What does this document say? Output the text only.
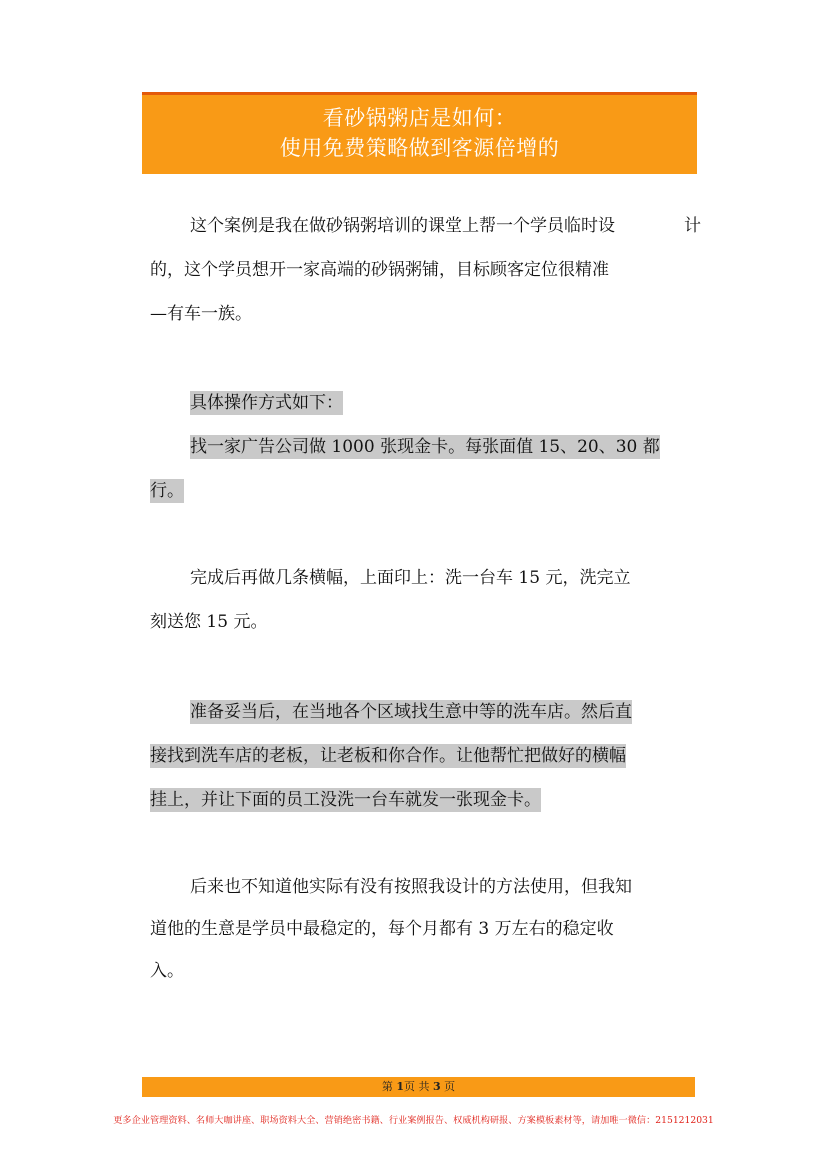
看砂锅粥店是如何：
使用免费策略做到客源倍增的
这个案例是我在做砂锅粥培训的课堂上帮一个学员临时设	计
的，这个学员想开一家高端的砂锅粥铺，目标顾客定位很精准
—有车一族。
具体操作方式如下：
找一家广告公司做 1000 张现金卡。每张面值 15、20、30 都
行。
完成后再做几条横幅，上面印上：洗一台车 15 元，洗完立
刻送您 15 元。
准备妥当后，在当地各个区域找生意中等的洗车店。然后直
接找到洗车店的老板，让老板和你合作。让他帮忙把做好的横幅
挂上，并让下面的员工没洗一台车就发一张现金卡。
后来也不知道他实际有没有按照我设计的方法使用，但我知
道他的生意是学员中最稳定的，每个月都有 3 万左右的稳定收
入。
第 1页 共 3 页
更多企业管理资料、名师大咖讲座、职场资料大全、营销绝密书籍、行业案例报告、权威机构研报、方案模板素材等，请加唯一微信：2151212031
